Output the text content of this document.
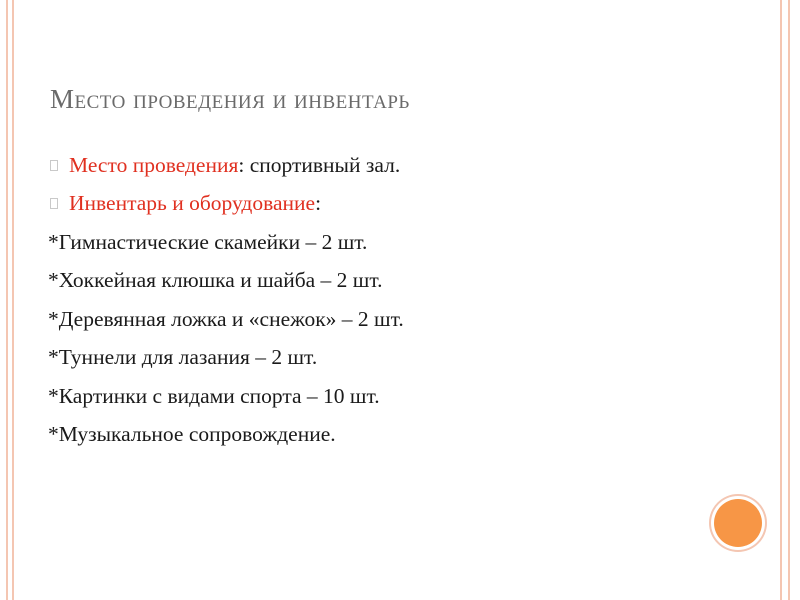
Место проведения и инвентарь
Место проведения : спортивный зал.
Инвентарь и оборудование :
*Гимнастические скамейки – 2 шт.
*Хоккейная клюшка и шайба – 2 шт.
*Деревянная ложка и «снежок» – 2 шт.
*Туннели для лазания – 2 шт.
*Картинки с видами спорта – 10 шт.
*Музыкальное сопровождение.
